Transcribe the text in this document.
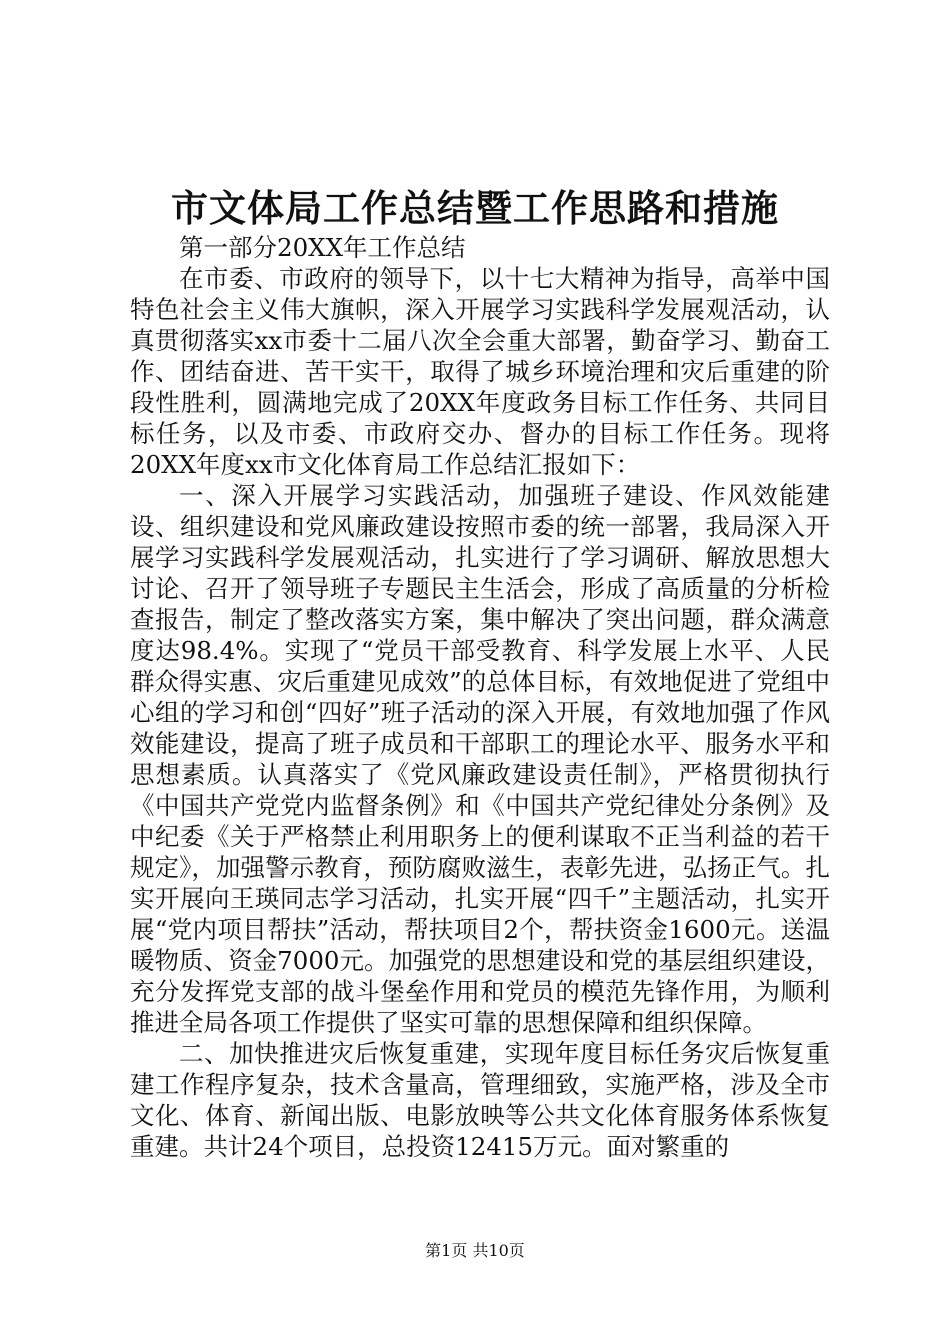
市文体局工作总结暨工作思路和措施

第一部分20XX年工作总结

在市委、市政府的领导下，以十七大精神为指导，高举中国特色社会主义伟大旗帜，深入开展学习实践科学发展观活动，认真贯彻落实xx市委十二届八次全会重大部署，勤奋学习、勤奋工作、团结奋进、苦干实干，取得了城乡环境治理和灾后重建的阶段性胜利，圆满地完成了20XX年度政务目标工作任务、共同目标任务，以及市委、市政府交办、督办的目标工作任务。现将20XX年度xx市文化体育局工作总结汇报如下：

一、深入开展学习实践活动，加强班子建设、作风效能建设、组织建设和党风廉政建设按照市委的统一部署，我局深入开展学习实践科学发展观活动，扎实进行了学习调研、解放思想大讨论、召开了领导班子专题民主生活会，形成了高质量的分析检查报告，制定了整改落实方案，集中解决了突出问题，群众满意度达98.4%。实现了“党员干部受教育、科学发展上水平、人民群众得实惠、灾后重建见成效”的总体目标，有效地促进了党组中心组的学习和创“四好”班子活动的深入开展，有效地加强了作风效能建设，提高了班子成员和干部职工的理论水平、服务水平和思想素质。认真落实了《党风廉政建设责任制》，严格贯彻执行《中国共产党党内监督条例》和《中国共产党纪律处分条例》及中纪委《关于严格禁止利用职务上的便利谋取不正当利益的若干规定》，加强警示教育，预防腐败滋生，表彰先进，弘扬正气。扎实开展向王瑛同志学习活动，扎实开展“四千”主题活动，扎实开展“党内项目帮扶”活动，帮扶项目2个，帮扶资金1600元。送温暖物质、资金7000元。加强党的思想建设和党的基层组织建设，充分发挥党支部的战斗堡垒作用和党员的模范先锋作用，为顺利推进全局各项工作提供了坚实可靠的思想保障和组织保障。

二、加快推进灾后恢复重建，实现年度目标任务灾后恢复重建工作程序复杂，技术含量高，管理细致，实施严格，涉及全市文化、体育、新闻出版、电影放映等公共文化体育服务体系恢复重建。共计24个项目，总投资12415万元。面对繁重的

第1页 共10页
